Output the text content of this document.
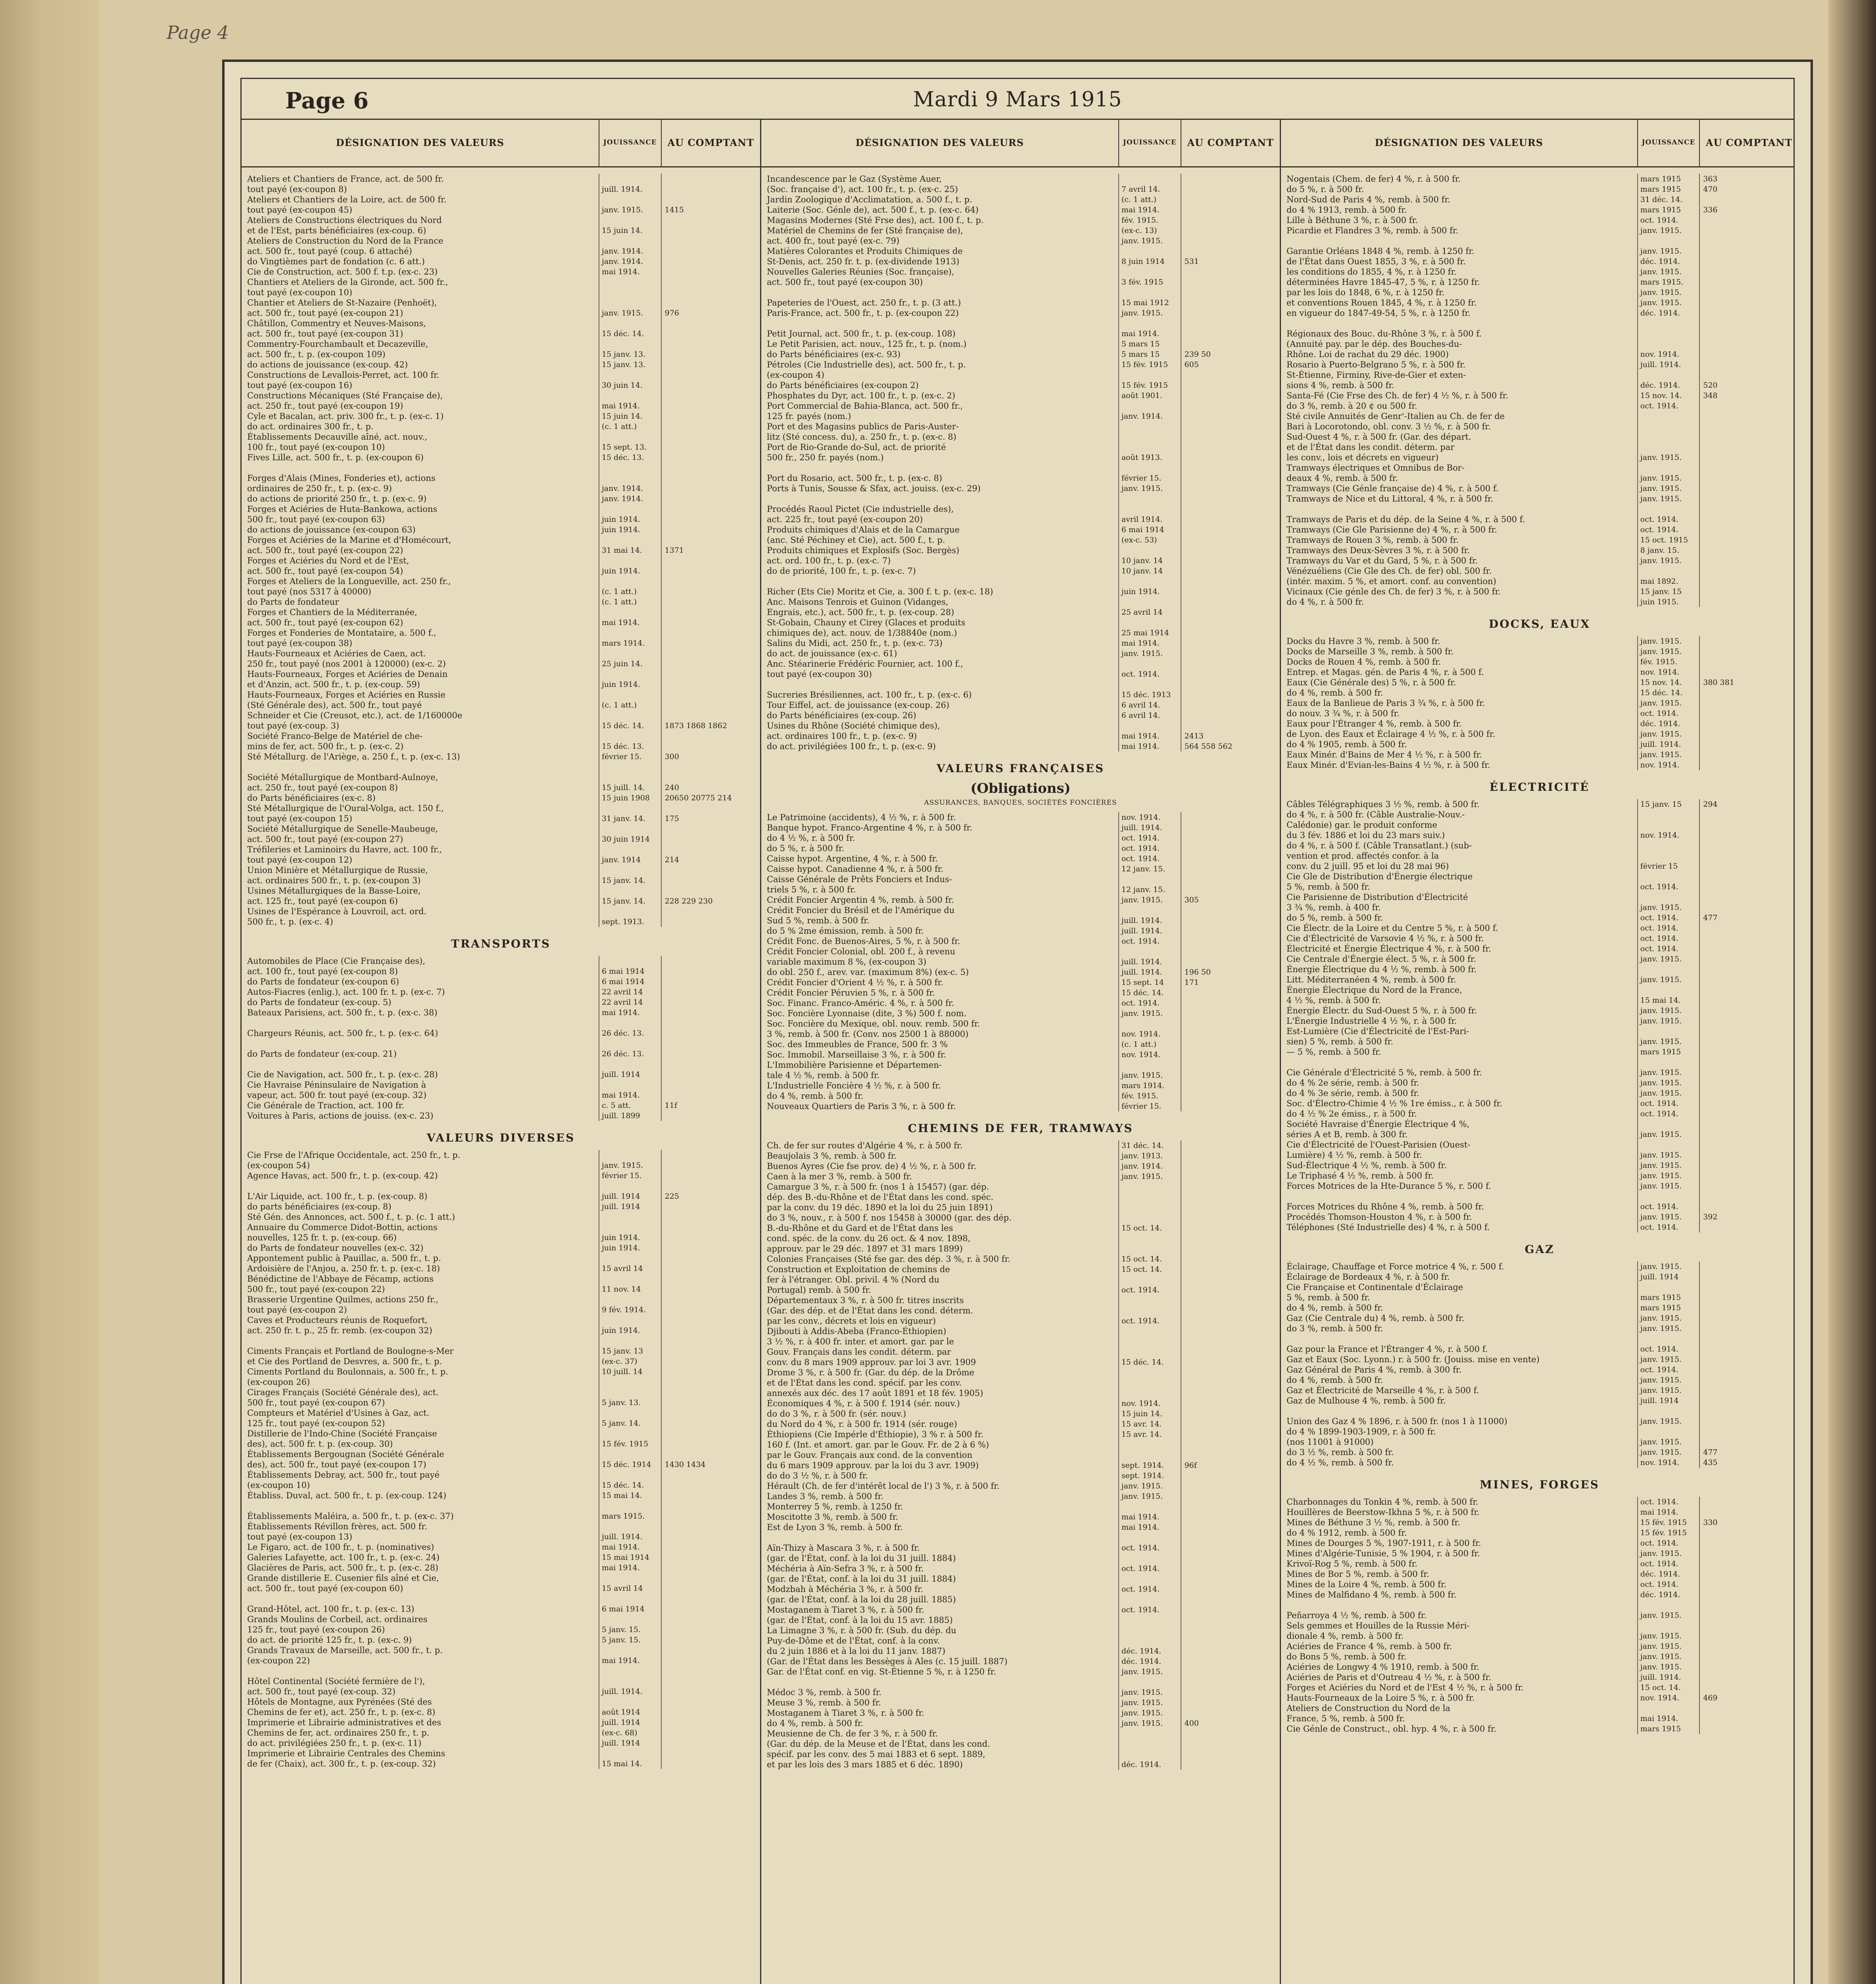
Page 4
Page 6	Mardi 9 Mars 1915
DÉSIGNATION DES VALEURS	JOUISSANCE	AU COMPTANT
Ateliers et Chantiers de France, act. de 500 fr.
tout payé (ex-coupon 8)	juill. 1914.
Ateliers et Chantiers de la Loire, act. de 500 fr.
tout payé (ex-coupon 45)	janv. 1915.	1415
Ateliers de Constructions électriques du Nord
et de l'Est, parts bénéficiaires (ex-coup. 6)	15 juin 14.
Ateliers de Construction du Nord de la France
act. 500 fr., tout payé (coup. 6 attaché)	janv. 1914.
do Vingtièmes part de fondation (c. 6 att.)	janv. 1914.
Cie de Construction, act. 500 f. t.p. (ex-c. 23)	mai 1914.
Chantiers et Ateliers de la Gironde, act. 500 fr.,
tout payé (ex-coupon 10)
Chantier et Ateliers de St-Nazaire (Penhoët),
act. 500 fr., tout payé (ex-coupon 21)	janv. 1915.	976
Châtillon, Commentry et Neuves-Maisons,
act. 500 fr., tout payé (ex-coupon 31)	15 déc. 14.
Commentry-Fourchambault et Decazeville,
act. 500 fr., t. p. (ex-coupon 109)	15 janv. 13.
do actions de jouissance (ex-coup. 42)	15 janv. 13.
Constructions de Levallois-Perret, act. 100 fr.
tout payé (ex-coupon 16)	30 juin 14.
Constructions Mécaniques (Sté Française de),
act. 250 fr., tout payé (ex-coupon 19)	mai 1914.
Cyle et Bacalan, act. priv. 300 fr., t. p. (ex-c. 1)	15 juin 14.
do act. ordinaires 300 fr., t. p.	(c. 1 att.)
Établissements Decauville aîné, act. nouv.,
100 fr., tout payé (ex-coupon 10)	15 sept. 13.
Fives Lille, act. 500 fr., t. p. (ex-coupon 6)	15 déc. 13.
Forges d'Alais (Mines, Fonderies et), actions
ordinaires de 250 fr., t. p. (ex-c. 9)	janv. 1914.
do actions de priorité 250 fr., t. p. (ex-c. 9)	janv. 1914.
Forges et Aciéries de Huta-Bankowa, actions
500 fr., tout payé (ex-coupon 63)	juin 1914.
do actions de jouissance (ex-coupon 63)	juin 1914.
Forges et Aciéries de la Marine et d'Homécourt,
act. 500 fr., tout payé (ex-coupon 22)	31 mai 14.	1371
Forges et Aciéries du Nord et de l'Est,
act. 500 fr., tout payé (ex-coupon 54)	juin 1914.
Forges et Ateliers de la Longueville, act. 250 fr.,
tout payé (nos 5317 à 40000)	(c. 1 att.)
do Parts de fondateur	(c. 1 att.)
Forges et Chantiers de la Méditerranée,
act. 500 fr., tout payé (ex-coupon 62)	mai 1914.
Forges et Fonderies de Montataire, a. 500 f.,
tout payé (ex-coupon 38)	mars 1914.
Hauts-Fourneaux et Aciéries de Caen, act.
250 fr., tout payé (nos 2001 à 120000) (ex-c. 2)	25 juin 14.
Hauts-Fourneaux, Forges et Aciéries de Denain
et d'Anzin, act. 500 fr., t. p. (ex-coup. 59)	juin 1914.
Hauts-Fourneaux, Forges et Aciéries en Russie
(Sté Générale des), act. 500 fr., tout payé	(c. 1 att.)
Schneider et Cie (Creusot, etc.), act. de 1/160000e
tout payé (ex-coup. 3)	15 déc. 14.	1873 1868 1862
Société Franco-Belge de Matériel de che-
mins de fer, act. 500 fr., t. p. (ex-c. 2)	15 déc. 13.
Sté Métallurg. de l'Ariège, a. 250 f., t. p. (ex-c. 13)	février 15.	300
Société Métallurgique de Montbard-Aulnoye,
act. 250 fr., tout payé (ex-coupon 8)	15 juill. 14.	240
do Parts bénéficiaires (ex-c. 8)	15 juin 1908	20650 20775 214
Sté Métallurgique de l'Oural-Volga, act. 150 f.,
tout payé (ex-coupon 15)	31 janv. 14.	175
Société Métallurgique de Senelle-Maubeuge,
act. 500 fr., tout payé (ex-coupon 27)	30 juin 1914
Tréfileries et Laminoirs du Havre, act. 100 fr.,
tout payé (ex-coupon 12)	janv. 1914	214
Union Minière et Métallurgique de Russie,
act. ordinaires 500 fr., t. p. (ex-coupon 3)	15 janv. 14.
Usines Métallurgiques de la Basse-Loire,
act. 125 fr., tout payé (ex-coupon 6)	15 janv. 14.	228 229 230
Usines de l'Espérance à Louvroil, act. ord.
500 fr., t. p. (ex-c. 4)	sept. 1913.
TRANSPORTS
Automobiles de Place (Cie Française des),
act. 100 fr., tout payé (ex-coupon 8)	6 mai 1914
do Parts de fondateur (ex-coupon 6)	6 mai 1914
Autos-Fiacres (enlig.), act. 100 fr. t. p. (ex-c. 7)	22 avril 14
do Parts de fondateur (ex-coup. 5)	22 avril 14
Bateaux Parisiens, act. 500 fr., t. p. (ex-c. 38)	mai 1914.
Chargeurs Réunis, act. 500 fr., t. p. (ex-c. 64)	26 déc. 13.
do Parts de fondateur (ex-coup. 21)	26 déc. 13.
Cie de Navigation, act. 500 fr., t. p. (ex-c. 28)	juill. 1914
Cie Havraise Péninsulaire de Navigation à
vapeur, act. 500 fr. tout payé (ex-coup. 32)	mai 1914.
Cie Générale de Traction, act. 100 fr.	c. 5 att.	11f
Voitures à Paris, actions de jouiss. (ex-c. 23)	juill. 1899
VALEURS DIVERSES
Cie Frse de l'Afrique Occidentale, act. 250 fr., t. p.
(ex-coupon 54)	janv. 1915.
Agence Havas, act. 500 fr., t. p. (ex-coup. 42)	février 15.
L'Air Liquide, act. 100 fr., t. p. (ex-coup. 8)	juill. 1914	225
do parts bénéficiaires (ex-coup. 8)	juill. 1914
Sté Gén. des Annonces, act. 500 f., t. p. (c. 1 att.)
Annuaire du Commerce Didot-Bottin, actions
nouvelles, 125 fr. t. p. (ex-coup. 66)	juin 1914.
do Parts de fondateur nouvelles (ex-c. 32)	juin 1914.
Appontement public à Pauillac, a. 500 fr., t. p.
Ardoisière de l'Anjou, a. 250 fr. t. p. (ex-c. 18)	15 avril 14
Bénédictine de l'Abbaye de Fécamp, actions
500 fr., tout payé (ex-coupon 22)	11 nov. 14
Brasserie Urgentine Quilmes, actions 250 fr.,
tout payé (ex-coupon 2)	9 fév. 1914.
Caves et Producteurs réunis de Roquefort,
act. 250 fr. t. p., 25 fr. remb. (ex-coupon 32)	juin 1914.
Ciments Français et Portland de Boulogne-s-Mer	15 janv. 13
et Cie des Portland de Desvres, a. 500 fr., t. p.	(ex-c. 37)
Ciments Portland du Boulonnais, a. 500 fr., t. p.	10 juill. 14
(ex-coupon 26)
Cirages Français (Société Générale des), act.
500 fr., tout payé (ex-coupon 67)	5 janv. 13.
Compteurs et Matériel d'Usines à Gaz, act.
125 fr., tout payé (ex-coupon 52)	5 janv. 14.
Distillerie de l'Indo-Chine (Société Française
des), act. 500 fr. t. p. (ex-coup. 30)	15 fév. 1915
Établissements Bergougnan (Société Générale
des), act. 500 fr., tout payé (ex-coupon 17)	15 déc. 1914	1430 1434
Établissements Debray, act. 500 fr., tout payé
(ex-coupon 10)	15 déc. 14.
Établiss. Duval, act. 500 fr., t. p. (ex-coup. 124)	15 mai 14.
Établissements Maléira, a. 500 fr., t. p. (ex-c. 37)	mars 1915.
Établissements Révillon frères, act. 500 fr.
tout payé (ex-coupon 13)	juill. 1914.
Le Figaro, act. de 100 fr., t. p. (nominatives)	mai 1914.
Galeries Lafayette, act. 100 fr., t. p. (ex-c. 24)	15 mai 1914
Glacières de Paris, act. 500 fr., t. p. (ex-c. 28)	mai 1914.
Grande distillerie E. Cusenier fils aîné et Cie,
act. 500 fr., tout payé (ex-coupon 60)	15 avril 14
Grand-Hôtel, act. 100 fr., t. p. (ex-c. 13)	6 mai 1914
Grands Moulins de Corbeil, act. ordinaires
125 fr., tout payé (ex-coupon 26)	5 janv. 15.
do act. de priorité 125 fr., t. p. (ex-c. 9)	5 janv. 15.
Grands Travaux de Marseille, act. 500 fr., t. p.
(ex-coupon 22)	mai 1914.
Hôtel Continental (Société fermière de l'),
act. 500 fr., tout payé (ex-coup. 32)	juill. 1914.
Hôtels de Montagne, aux Pyrénées (Sté des
Chemins de fer et), act. 250 fr., t. p. (ex-c. 8)	août 1914
Imprimerie et Librairie administratives et des	juill. 1914
Chemins de fer, act. ordinaires 250 fr., t. p.	(ex-c. 68)
do act. privilégiées 250 fr., t. p. (ex-c. 11)	juill. 1914
Imprimerie et Librairie Centrales des Chemins
de fer (Chaix), act. 300 fr., t. p. (ex-coup. 32)	15 mai 14.
DÉSIGNATION DES VALEURS	JOUISSANCE	AU COMPTANT
Incandescence par le Gaz (Système Auer,
(Soc. française d'), act. 100 fr., t. p. (ex-c. 25)	7 avril 14.
Jardin Zoologique d'Acclimatation, a. 500 f., t. p.	(c. 1 att.)
Laiterie (Soc. Génle de), act. 500 f., t. p. (ex-c. 64)	mai 1914.
Magasins Modernes (Sté Frse des), act. 100 f., t. p.	fév. 1915.
Matériel de Chemins de fer (Sté française de),	(ex-c. 13)
act. 400 fr., tout payé (ex-c. 79)	janv. 1915.
Matières Colorantes et Produits Chimiques de
St-Denis, act. 250 fr. t. p. (ex-dividende 1913)	8 juin 1914	531
Nouvelles Galeries Réunies (Soc. française),
act. 500 fr., tout payé (ex-coupon 30)	3 fév. 1915
Papeteries de l'Ouest, act. 250 fr., t. p. (3 att.)	15 mai 1912
Paris-France, act. 500 fr., t. p. (ex-coupon 22)	janv. 1915.
Petit Journal, act. 500 fr., t. p. (ex-coup. 108)	mai 1914.
Le Petit Parisien, act. nouv., 125 fr., t. p. (nom.)	5 mars 15
do Parts bénéficiaires (ex-c. 93)	5 mars 15	239 50
Pétroles (Cie Industrielle des), act. 500 fr., t. p.	15 fév. 1915	605
(ex-coupon 4)
do Parts bénéficiaires (ex-coupon 2)	15 fév. 1915
Phosphates du Dyr, act. 100 fr., t. p. (ex-c. 2)	août 1901.
Port Commercial de Bahia-Blanca, act. 500 fr.,
125 fr. payés (nom.)	janv. 1914.
Port et des Magasins publics de Paris-Auster-
litz (Sté concess. du), a. 250 fr., t. p. (ex-c. 8)
Port de Rio-Grande do-Sul, act. de priorité
500 fr., 250 fr. payés (nom.)	août 1913.
Port du Rosario, act. 500 fr., t. p. (ex-c. 8)	février 15.
Ports à Tunis, Sousse & Sfax, act. jouiss. (ex-c. 29)	janv. 1915.
Procédés Raoul Pictet (Cie industrielle des),
act. 225 fr., tout payé (ex-coupon 20)	avril 1914.
Produits chimiques d'Alais et de la Camargue	6 mai 1914
(anc. Sté Péchiney et Cie), act. 500 f., t. p.	(ex-c. 53)
Produits chimiques et Explosifs (Soc. Bergès)
act. ord. 100 fr., t. p. (ex-c. 7)	10 janv. 14
do de priorité, 100 fr., t. p. (ex-c. 7)	10 janv. 14
Richer (Ets Cie) Moritz et Cie, a. 300 f. t. p. (ex-c. 18)	juin 1914.
Anc. Maisons Tenrois et Guinon (Vidanges,
Engrais, etc.), act. 500 fr., t. p. (ex-coup. 28)	25 avril 14
St-Gobain, Chauny et Cirey (Glaces et produits
chimiques de), act. nouv. de 1/38840e (nom.)	25 mai 1914
Salins du Midi, act. 250 fr., t. p. (ex-c. 73)	mai 1914.
do act. de jouissance (ex-c. 61)	janv. 1915.
Anc. Stéarinerie Frédéric Fournier, act. 100 f.,
tout payé (ex-coupon 30)	oct. 1914.
Sucreries Brésiliennes, act. 100 fr., t. p. (ex-c. 6)	15 déc. 1913
Tour Eiffel, act. de jouissance (ex-coup. 26)	6 avril 14.
do Parts bénéficiaires (ex-coup. 26)	6 avril 14.
Usines du Rhône (Société chimique des),
act. ordinaires 100 fr., t. p. (ex-c. 9)	mai 1914.	2413
do act. privilégiées 100 fr., t. p. (ex-c. 9)	mai 1914.	564 558 562
VALEURS FRANÇAISES
(Obligations)
ASSURANCES, BANQUES, SOCIÉTÉS FONCIÈRES
Le Patrimoine (accidents), 4 ½ %, r. à 500 fr.	nov. 1914.
Banque hypot. Franco-Argentine 4 %, r. à 500 fr.	juill. 1914.
do 4 ½ %, r. à 500 fr.	oct. 1914.
do 5 %, r. à 500 fr.	oct. 1914.
Caisse hypot. Argentine, 4 %, r. à 500 fr.	oct. 1914.
Caisse hypot. Canadienne 4 %, r. à 500 fr.	12 janv. 15.
Caisse Générale de Prêts Fonciers et Indus-
triels 5 %, r. à 500 fr.	12 janv. 15.
Crédit Foncier Argentin 4 %, remb. à 500 fr.	janv. 1915.	305
Crédit Foncier du Brésil et de l'Amérique du
Sud 5 %, remb. à 500 fr.	juill. 1914.
do 5 % 2me émission, remb. à 500 fr.	juill. 1914.
Crédit Fonc. de Buenos-Aires, 5 %, r. à 500 fr.	oct. 1914.
Crédit Foncier Colonial, obl. 200 f., à revenu
variable maximum 8 %, (ex-coupon 3)	juill. 1914.
do obl. 250 f., arev. var. (maximum 8%) (ex-c. 5)	juill. 1914.	196 50
Crédit Foncier d'Orient 4 ½ %, r. à 500 fr.	15 sept. 14	171
Crédit Foncier Péruvien 5 %, r. à 500 fr.	15 déc. 14.
Soc. Financ. Franco-Améric. 4 %, r. à 500 fr.	oct. 1914.
Soc. Foncière Lyonnaise (dite, 3 %) 500 f. nom.	janv. 1915.
Soc. Foncière du Mexique, obl. nouv. remb. 500 fr.
3 %, remb. à 500 fr. (Conv. nos 2500 1 à 88000)	nov. 1914.
Soc. des Immeubles de France, 500 fr. 3 %	(c. 1 att.)
Soc. Immobil. Marseillaise 3 %, r. à 500 fr.	nov. 1914.
L'Immobilière Parisienne et Départemen-
tale 4 ½ %, remb. à 500 fr.	janv. 1915.
L'Industrielle Foncière 4 ½ %, r. à 500 fr.	mars 1914.
do 4 %, remb. à 500 fr.	fév. 1915.
Nouveaux Quartiers de Paris 3 %, r. à 500 fr.	février 15.
CHEMINS DE FER, TRAMWAYS
Ch. de fer sur routes d'Algérie 4 %, r. à 500 fr.	31 déc. 14.
Beaujolais 3 %, remb. à 500 fr.	janv. 1913.
Buenos Ayres (Cie fse prov. de) 4 ½ %, r. à 500 fr.	janv. 1914.
Caen à la mer 3 %, remb. à 500 fr.	janv. 1915.
Camargue 3 %, r. à 500 fr. (nos 1 à 15457) (gar. dép.
dép. des B.-du-Rhône et de l'État dans les cond. spéc.
par la conv. du 19 déc. 1890 et la loi du 25 juin 1891)
do 3 %, nouv., r. à 500 f. nos 15458 à 30000 (gar. des dép.
B.-du-Rhône et du Gard et de l'État dans les	15 oct. 14.
cond. spéc. de la conv. du 26 oct. & 4 nov. 1898,
approuv. par le 29 déc. 1897 et 31 mars 1899)
Colonies Françaises (Sté fse gar. des dép. 3 %, r. à 500 fr.	15 oct. 14.
Construction et Exploitation de chemins de	15 oct. 14.
fer à l'étranger. Obl. privil. 4 % (Nord du
Portugal) remb. à 500 fr.	oct. 1914.
Départementaux 3 %, r. à 500 fr. titres inscrits
(Gar. des dép. et de l'État dans les cond. déterm.
par les conv., décrets et lois en vigueur)	oct. 1914.
Djibouti à Addis-Abeba (Franco-Éthiopien)
3 ½ %, r. à 400 fr. inter. et amort. gar. par le
Gouv. Français dans les condit. déterm. par
conv. du 8 mars 1909 approuv. par loi 3 avr. 1909	15 déc. 14.
Drome 3 %, r. à 500 fr. (Gar. du dép. de la Drôme
et de l'État dans les cond. spécif. par les conv.
annexés aux déc. des 17 août 1891 et 18 fév. 1905)
Économiques 4 %, r. à 500 f. 1914 (sér. nouv.)	nov. 1914.
do do 3 %, r. à 500 fr. (sér. nouv.)	15 juin 14.
du Nord do 4 %, r. à 500 fr. 1914 (sér. rouge)	15 avr. 14.
Éthiopiens (Cie Impérle d'Éthiopie), 3 % r. à 500 fr.	15 avr. 14.
160 f. (Int. et amort. gar. par le Gouv. Fr. de 2 à 6 %)
par le Gouv. Français aux cond. de la convention
du 6 mars 1909 approuv. par la loi du 3 avr. 1909)	sept. 1914.	96f
do do 3 ½ %, r. à 500 fr.	sept. 1914.
Hérault (Ch. de fer d'intérêt local de l') 3 %, r. à 500 fr.	janv. 1915.
Landes 3 %, remb. à 500 fr.	janv. 1915.
Monterrey 5 %, remb. à 1250 fr.
Moscitotte 3 %, remb. à 500 fr.	mai 1914.
Est de Lyon 3 %, remb. à 500 fr.	mai 1914.
Aïn-Thizy à Mascara 3 %, r. à 500 fr.	oct. 1914.
(gar. de l'État, conf. à la loi du 31 juill. 1884)
Méchéria à Aïn-Sefra 3 %, r. à 500 fr.	oct. 1914.
(gar. de l'État, conf. à la loi du 31 juill. 1884)
Modzbah à Méchéria 3 %, r. à 500 fr.	oct. 1914.
(gar. de l'État, conf. à la loi du 28 juill. 1885)
Mostaganem à Tiaret 3 %, r. à 500 fr.	oct. 1914.
(gar. de l'État, conf. à la loi du 15 avr. 1885)
La Limagne 3 %, r. à 500 fr. (Sub. du dép. du
Puy-de-Dôme et de l'État, conf. à la conv.
du 2 juin 1886 et à la loi du 11 janv. 1887)	déc. 1914.
(Gar. de l'État dans les Bessèges à Ales (c. 15 juill. 1887)	déc. 1914.
Gar. de l'État conf. en vig. St-Étienne 5 %, r. à 1250 fr.	janv. 1915.
Médoc 3 %, remb. à 500 fr.	janv. 1915.
Meuse 3 %, remb. à 500 fr.	janv. 1915.
Mostaganem à Tiaret 3 %, r. à 500 fr.	janv. 1915.
do 4 %, remb. à 500 fr.	janv. 1915.	400
Meusienne de Ch. de fer 3 %, r. à 500 fr.
(Gar. du dép. de la Meuse et de l'État, dans les cond.
spécif. par les conv. des 5 mai 1883 et 6 sept. 1889,
et par les lois des 3 mars 1885 et 6 déc. 1890)	déc. 1914.
DÉSIGNATION DES VALEURS	JOUISSANCE	AU COMPTANT
Nogentais (Chem. de fer) 4 %, r. à 500 fr.	mars 1915	363
do 5 %, r. à 500 fr.	mars 1915	470
Nord-Sud de Paris 4 %, remb. à 500 fr.	31 déc. 14.
do 4 % 1913, remb. à 500 fr.	mars 1915	336
Lille à Béthune 3 %, r. à 500 fr.	oct. 1914.
Picardie et Flandres 3 %, remb. à 500 fr.	janv. 1915.
Garantie Orléans 1848 4 %, remb. à 1250 fr.	janv. 1915.
de l'État dans Ouest 1855, 3 %, r. à 500 fr.	déc. 1914.
les conditions do 1855, 4 %, r. à 1250 fr.	janv. 1915.
déterminées Havre 1845-47, 5 %, r. à 1250 fr.	mars 1915.
par les lois do 1848, 6 %, r. à 1250 fr.	janv. 1915.
et conventions Rouen 1845, 4 %, r. à 1250 fr.	janv. 1915.
en vigueur do 1847-49-54, 5 %, r. à 1250 fr.	déc. 1914.
Régionaux des Bouc. du-Rhône 3 %, r. à 500 f.
(Annuité pay. par le dép. des Bouches-du-
Rhône. Loi de rachat du 29 déc. 1900)	nov. 1914.
Rosario à Puerto-Belgrano 5 %, r. à 500 fr.	juill. 1914.
St-Étienne, Firminy, Rive-de-Gier et exten-
sions 4 %, remb. à 500 fr.	déc. 1914.	520
Santa-Fé (Cie Frse des Ch. de fer) 4 ½ %, r. à 500 fr.	15 nov. 14.	348
do 3 %, remb. à 20 ¢ ou 500 fr.	oct. 1914.
Sté civile Annuités de Genr'-Italien au Ch. de fer de
Bari à Locorotondo, obl. conv. 3 ½ %, r. à 500 fr.
Sud-Ouest 4 %, r. à 500 fr. (Gar. des départ.
et de l'État dans les condit. déterm. par
les conv., lois et décrets en vigueur)	janv. 1915.
Tramways électriques et Omnibus de Bor-
deaux 4 %, remb. à 500 fr.	janv. 1915.
Tramways (Cie Génle française de) 4 %, r. à 500 f.	janv. 1915.
Tramways de Nice et du Littoral, 4 %, r. à 500 fr.	janv. 1915.
Tramways de Paris et du dép. de la Seine 4 %, r. à 500 f.	oct. 1914.
Tramways (Cie Gle Parisienne de) 4 %, r. à 500 fr.	oct. 1914.
Tramways de Rouen 3 %, remb. à 500 fr.	15 oct. 1915
Tramways des Deux-Sèvres 3 %, r. à 500 fr.	8 janv. 15.
Tramways du Var et du Gard, 5 %, r. à 500 fr.	janv. 1915.
Vénézuéliens (Cie Gle des Ch. de fer) obl. 500 fr.
(intér. maxim. 5 %, et amort. conf. au convention)	mai 1892.
Vicinaux (Cie génle des Ch. de fer) 3 %, r. à 500 fr.	15 janv. 15
do 4 %, r. à 500 fr.	juin 1915.
DOCKS, EAUX
Docks du Havre 3 %, remb. à 500 fr.	janv. 1915.
Docks de Marseille 3 %, remb. à 500 fr.	janv. 1915.
Docks de Rouen 4 %, remb. à 500 fr.	fév. 1915.
Entrep. et Magas. gén. de Paris 4 %, r. à 500 f.	nov. 1914.
Eaux (Cie Générale des) 5 %, r. à 500 fr.	15 nov. 14.	380 381
do 4 %, remb. à 500 fr.	15 déc. 14.
Eaux de la Banlieue de Paris 3 ¾ %, r. à 500 fr.	janv. 1915.
do nouv. 3 ¾ %, r. à 500 fr.	oct. 1914.
Eaux pour l'Étranger 4 %, remb. à 500 fr.	déc. 1914.
de Lyon. des Eaux et Éclairage 4 ½ %, r. à 500 fr.	janv. 1915.
do 4 % 1905, remb. à 500 fr.	juill. 1914.
Eaux Minér. d'Bains de Mer 4 ½ %, r. à 500 fr.	janv. 1915.
Eaux Minér. d'Evian-les-Bains 4 ½ %, r. à 500 fr.	nov. 1914.
ÉLECTRICITÉ
Câbles Télégraphiques 3 ½ %, remb. à 500 fr.	15 janv. 15	294
do 4 %, r. à 500 fr. (Câble Australie-Nouv.-
Calédonie) gar. le produit conforme
du 3 fév. 1886 et loi du 23 mars suiv.)	nov. 1914.
do 4 %, r. à 500 f. (Câble Transatlant.) (sub-
vention et prod. affectés confor. à la
conv. du 2 juill. 95 et loi du 28 mai 96)	février 15
Cie Gle de Distribution d'Énergie électrique
5 %, remb. à 500 fr.	oct. 1914.
Cie Parisienne de Distribution d'Électricité
3 ¾ %, remb. à 400 fr.	janv. 1915.
do 5 %, remb. à 500 fr.	oct. 1914.	477
Cie Électr. de la Loire et du Centre 5 %, r. à 500 f.	oct. 1914.
Cie d'Électricité de Varsovie 4 ½ %, r. à 500 fr.	oct. 1914.
Électricité et Énergie Électrique 4 %, r. à 500 fr.	oct. 1914.
Cie Centrale d'Énergie élect. 5 %, r. à 500 fr.	janv. 1915.
Énergie Électrique du 4 ½ %, remb. à 500 fr.
Litt. Méditerranéen 4 %, remb. à 500 fr.	janv. 1915.
Énergie Électrique du Nord de la France,
4 ½ %, remb. à 500 fr.	15 mai 14.
Énergie Électr. du Sud-Ouest 5 %, r. à 500 fr.	janv. 1915.
L'Énergie Industrielle 4 ½ %, r. à 500 fr.	janv. 1915.
Est-Lumière (Cie d'Électricité de l'Est-Pari-
sien) 5 %, remb. à 500 fr.	janv. 1915.
— 5 %, remb. à 500 fr.	mars 1915
Cie Générale d'Électricité 5 %, remb. à 500 fr.	janv. 1915.
do 4 % 2e série, remb. à 500 fr.	janv. 1915.
do 4 % 3e série, remb. à 500 fr.	janv. 1915.
Soc. d'Électro-Chimie 4 ½ % 1re émiss., r. à 500 fr.	oct. 1914.
do 4 ½ % 2e émiss., r. à 500 fr.	oct. 1914.
Société Havraise d'Énergie Électrique 4 %,
séries A et B, remb. à 300 fr.	janv. 1915.
Cie d'Électricité de l'Ouest-Parisien (Ouest-
Lumière) 4 ½ %, remb. à 500 fr.	janv. 1915.
Sud-Électrique 4 ½ %, remb. à 500 fr.	janv. 1915.
Le Triphasé 4 ½ %, remb. à 500 fr.	janv. 1915.
Forces Motrices de la Hte-Durance 5 %, r. 500 f.	janv. 1915.
Forces Motrices du Rhône 4 %, remb. à 500 fr.	oct. 1914.
Procédés Thomson-Houston 4 %, r. à 500 fr.	janv. 1915.	392
Téléphones (Sté Industrielle des) 4 %, r. à 500 f.	oct. 1914.
GAZ
Éclairage, Chauffage et Force motrice 4 %, r. 500 f.	janv. 1915.
Éclairage de Bordeaux 4 %, r. à 500 fr.	juill. 1914
Cie Française et Continentale d'Éclairage
5 %, remb. à 500 fr.	mars 1915
do 4 %, remb. à 500 fr.	mars 1915
Gaz (Cie Centrale du) 4 %, remb. à 500 fr.	janv. 1915.
do 3 %, remb. à 500 fr.	janv. 1915.
Gaz pour la France et l'Étranger 4 %, r. à 500 f.	oct. 1914.
Gaz et Eaux (Soc. Lyonn.) r. à 500 fr. (Jouiss. mise en vente)	janv. 1915.
Gaz Général de Paris 4 %, remb. à 300 fr.	oct. 1914.
do 4 %, remb. à 500 fr.	janv. 1915.
Gaz et Électricité de Marseille 4 %, r. à 500 f.	janv. 1915.
Gaz de Mulhouse 4 %, remb. à 500 fr.	juill. 1914
Union des Gaz 4 % 1896, r. à 500 fr. (nos 1 à 11000)	janv. 1915.
do 4 % 1899-1903-1909, r. à 500 fr.
(nos 11001 à 91000)	janv. 1915.
do 3 ½ %, remb. à 500 fr.	janv. 1915.	477
do 4 ½ %, remb. à 500 fr.	nov. 1914.	435
MINES, FORGES
Charbonnages du Tonkin 4 %, remb. à 500 fr.	oct. 1914.
Houillères de Beerstow-Ikhna 5 %, r. à 500 fr.	mai 1914.
Mines de Béthune 3 ½ %, remb. à 500 fr.	15 fév. 1915	330
do 4 % 1912, remb. à 500 fr.	15 fév. 1915
Mines de Dourges 5 %, 1907-1911, r. à 500 fr.	oct. 1914.
Mines d'Algérie-Tunisie, 5 % 1904, r. à 500 fr.	janv. 1915.
Krivoï-Rog 5 %, remb. à 500 fr.	oct. 1914.
Mines de Bor 5 %, remb. à 500 fr.	déc. 1914.
Mines de la Loire 4 %, remb. à 500 fr.	oct. 1914.
Mines de Malfidano 4 %, remb. à 500 fr.	déc. 1914.
Peñarroya 4 ½ %, remb. à 500 fr.	janv. 1915.
Sels gemmes et Houilles de la Russie Méri-
dionale 4 %, remb. à 500 fr.	janv. 1915.
Aciéries de France 4 %, remb. à 500 fr.	janv. 1915.
do Bons 5 %, remb. à 500 fr.	janv. 1915.
Aciéries de Longwy 4 % 1910, remb. à 500 fr.	janv. 1915.
Aciéries de Paris et d'Outreau 4 ½ %, r. à 500 fr.	juill. 1914.
Forges et Aciéries du Nord et de l'Est 4 ½ %, r. à 500 fr.	15 oct. 14.
Hauts-Fourneaux de la Loire 5 %, r. à 500 fr.	nov. 1914.	469
Ateliers de Construction du Nord de la
France, 5 %, remb. à 500 fr.	mai 1914.
Cie Génle de Construct., obl. hyp. 4 %, r. à 500 fr.	mars 1915
